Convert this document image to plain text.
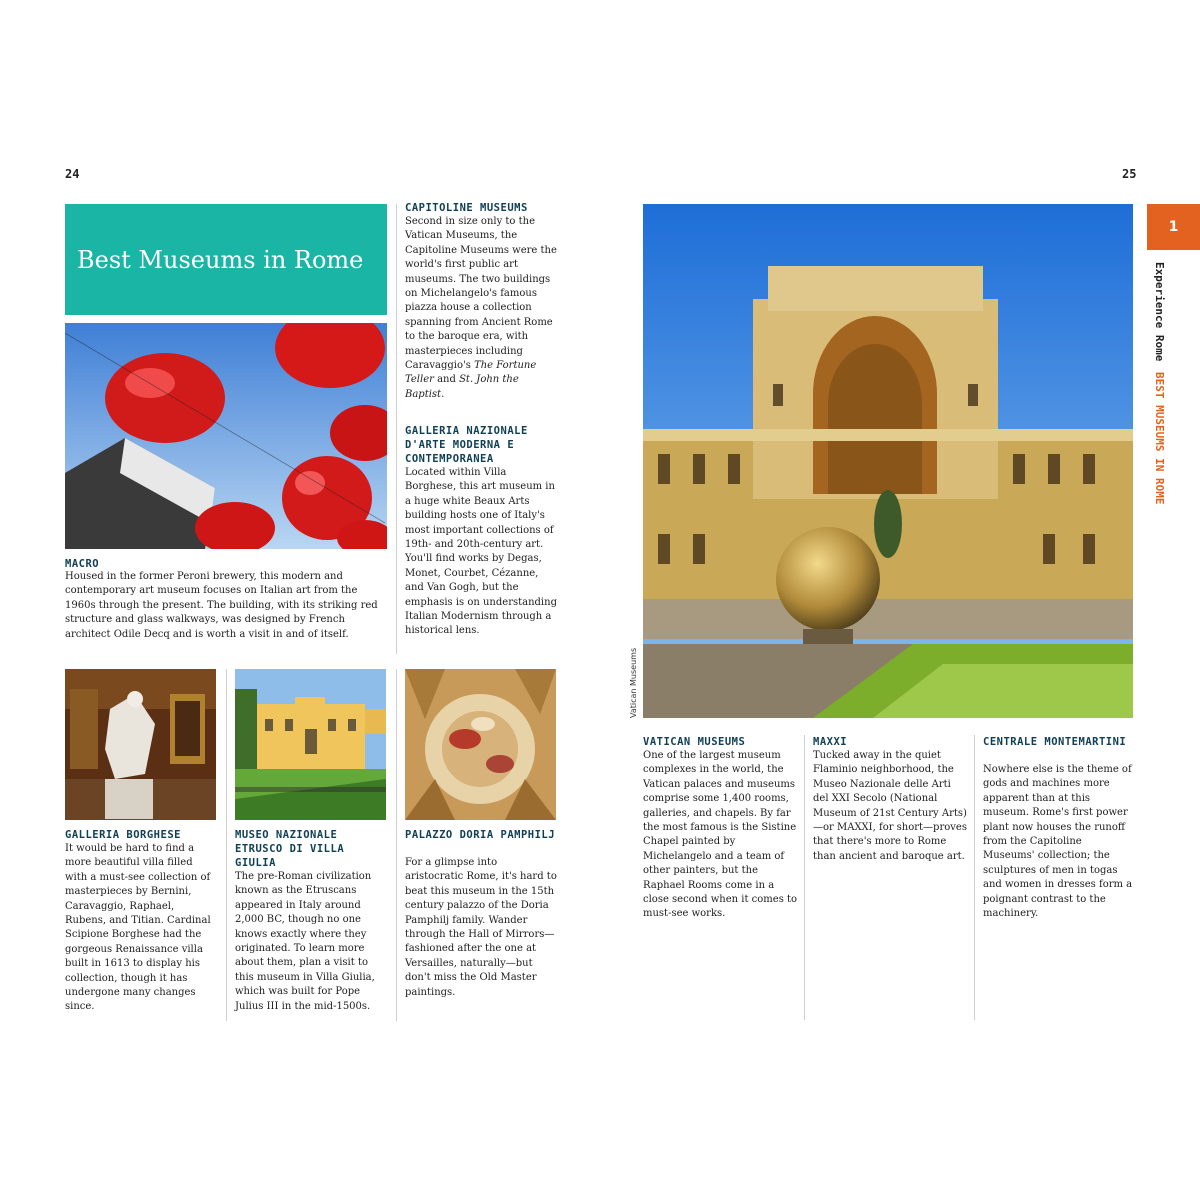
24
Best Museums in Rome
MACRO
Housed in the former Peroni brewery, this modern and contemporary art museum focuses on Italian art from the 1960s through the present. The building, with its striking red structure and glass walkways, was designed by French architect Odile Decq and is worth a visit in and of itself.
CAPITOLINE MUSEUMS
Second in size only to the Vatican Museums, the Capitoline Museums were the world's first public art museums. The two buildings on Michelangelo's famous piazza house a collection spanning from Ancient Rome to the baroque era, with masterpieces including Caravaggio's The Fortune Teller and St. John the Baptist.
GALLERIA NAZIONALE D'ARTE MODERNA E CONTEMPORANEA
Located within Villa Borghese, this art museum in a huge white Beaux Arts building hosts one of Italy's most important collections of 19th- and 20th-century art. You'll find works by Degas, Monet, Courbet, Cézanne, and Van Gogh, but the emphasis is on understanding Italian Modernism through a historical lens.
GALLERIA BORGHESE
It would be hard to find a more beautiful villa filled with a must-see collection of masterpieces by Bernini, Caravaggio, Raphael, Rubens, and Titian. Cardinal Scipione Borghese had the gorgeous Renaissance villa built in 1613 to display his collection, though it has undergone many changes since.
MUSEO NAZIONALE ETRUSCO DI VILLA GIULIA
The pre-Roman civilization known as the Etruscans appeared in Italy around 2,000 BC, though no one knows exactly where they originated. To learn more about them, plan a visit to this museum in Villa Giulia, which was built for Pope Julius III in the mid-1500s.
PALAZZO DORIA PAMPHILJ
For a glimpse into aristocratic Rome, it's hard to beat this museum in the 15th century palazzo of the Doria Pamphilj family. Wander through the Hall of Mirrors—fashioned after the one at Versailles, naturally—but don't miss the Old Master paintings.
25
1
Experience Rome
BEST MUSEUMS IN ROME
Vatican Museums
VATICAN MUSEUMS
One of the largest museum complexes in the world, the Vatican palaces and museums comprise some 1,400 rooms, galleries, and chapels. By far the most famous is the Sistine Chapel painted by Michelangelo and a team of other painters, but the Raphael Rooms come in a close second when it comes to must-see works.
MAXXI
Tucked away in the quiet Flaminio neighborhood, the Museo Nazionale delle Arti del XXI Secolo (National Museum of 21st Century Arts)—or MAXXI, for short—proves that there's more to Rome than ancient and baroque art.
CENTRALE MONTEMARTINI
Nowhere else is the theme of gods and machines more apparent than at this museum. Rome's first power plant now houses the runoff from the Capitoline Museums' collection; the sculptures of men in togas and women in dresses form a poignant contrast to the machinery.
